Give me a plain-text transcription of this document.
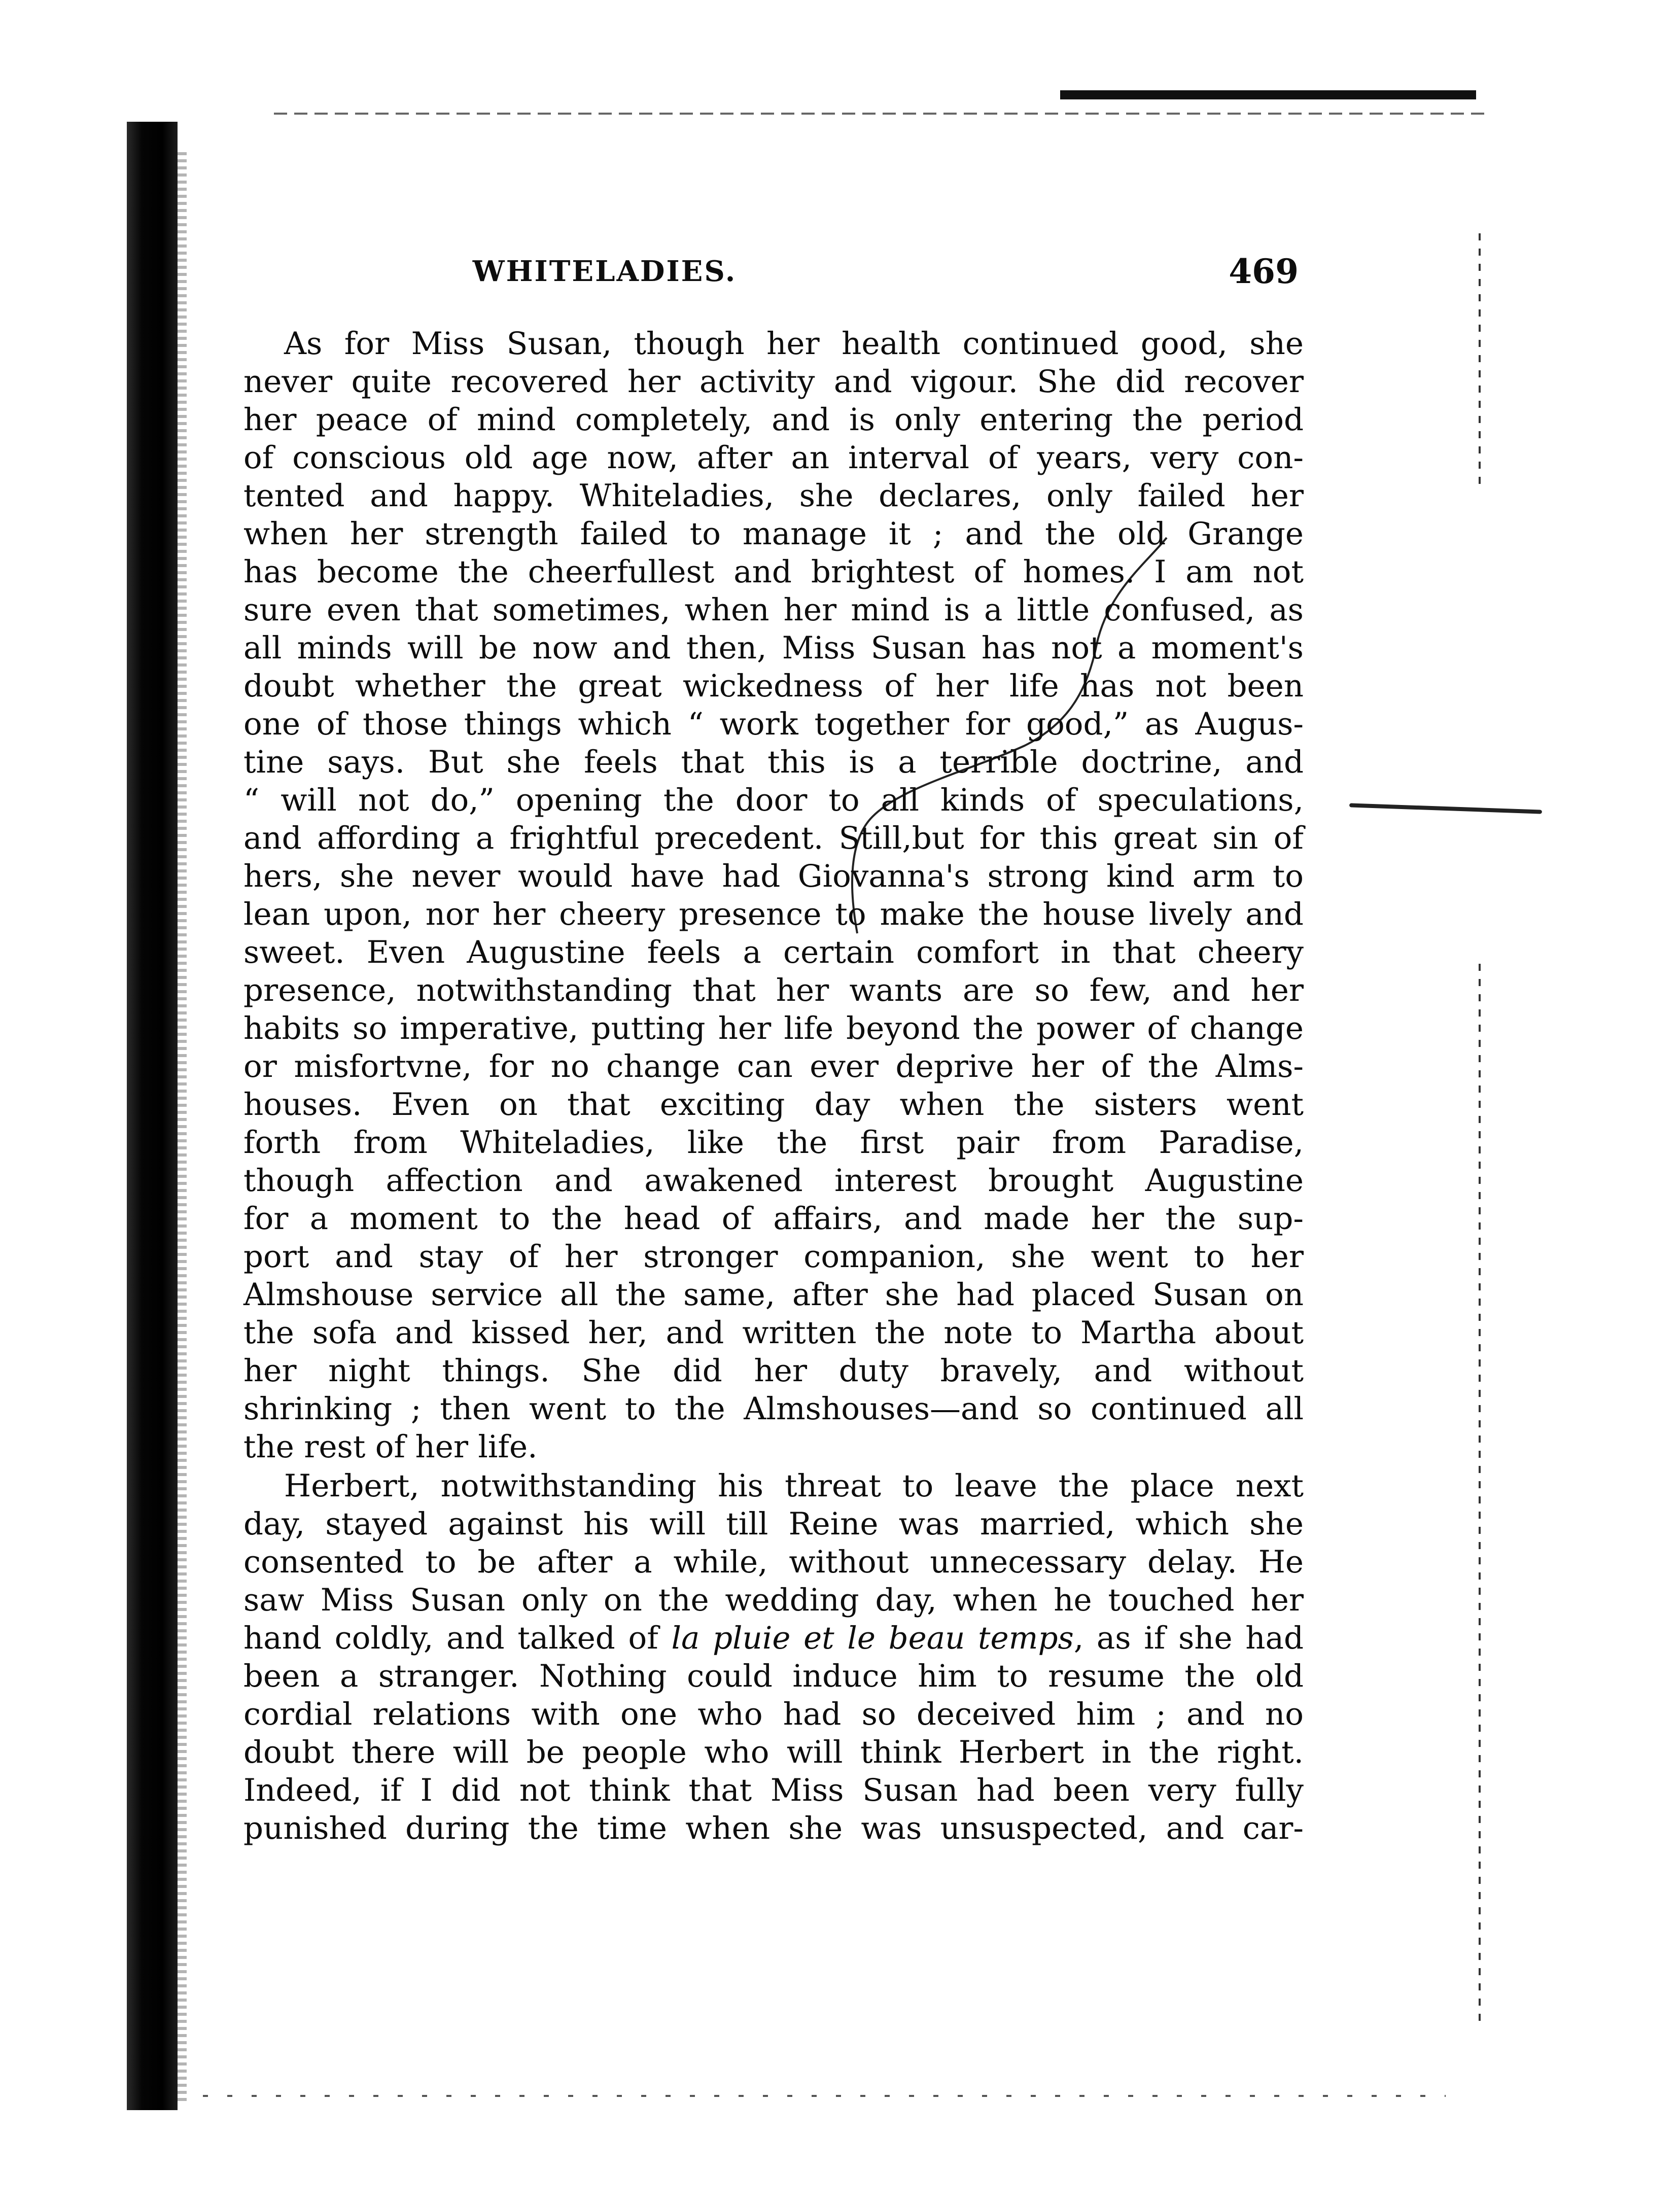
WHITELADIES.	469
As for Miss Susan, though her health continued good, she
never quite recovered her activity and vigour. She did recover
her peace of mind completely, and is only entering the period
of conscious old age now, after an interval of years, very con-
tented and happy. Whiteladies, she declares, only failed her
when her strength failed to manage it ; and the old Grange
has become the cheerfullest and brightest of homes. I am not
sure even that sometimes, when her mind is a little confused, as
all minds will be now and then, Miss Susan has not a moment's
doubt whether the great wickedness of her life has not been
one of those things which “ work together for good,” as Augus-
tine says. But she feels that this is a terrible doctrine, and
“ will not do,” opening the door to all kinds of speculations,
and affording a frightful precedent. Still,but for this great sin of
hers, she never would have had Giovanna's strong kind arm to
lean upon, nor her cheery presence to make the house lively and
sweet. Even Augustine feels a certain comfort in that cheery
presence, notwithstanding that her wants are so few, and her
habits so imperative, putting her life beyond the power of change
or misfortvne, for no change can ever deprive her of the Alms-
houses. Even on that exciting day when the sisters went
forth from Whiteladies, like the first pair from Paradise,
though affection and awakened interest brought Augustine
for a moment to the head of affairs, and made her the sup-
port and stay of her stronger companion, she went to her
Almshouse service all the same, after she had placed Susan on
the sofa and kissed her, and written the note to Martha about
her night things. She did her duty bravely, and without
shrinking ; then went to the Almshouses—and so continued all
the rest of her life.
Herbert, notwithstanding his threat to leave the place next
day, stayed against his will till Reine was married, which she
consented to be after a while, without unnecessary delay. He
saw Miss Susan only on the wedding day, when he touched her
hand coldly, and talked of la pluie et le beau temps, as if she had
been a stranger. Nothing could induce him to resume the old
cordial relations with one who had so deceived him ; and no
doubt there will be people who will think Herbert in the right.
Indeed, if I did not think that Miss Susan had been very fully
punished during the time when she was unsuspected, and car-
